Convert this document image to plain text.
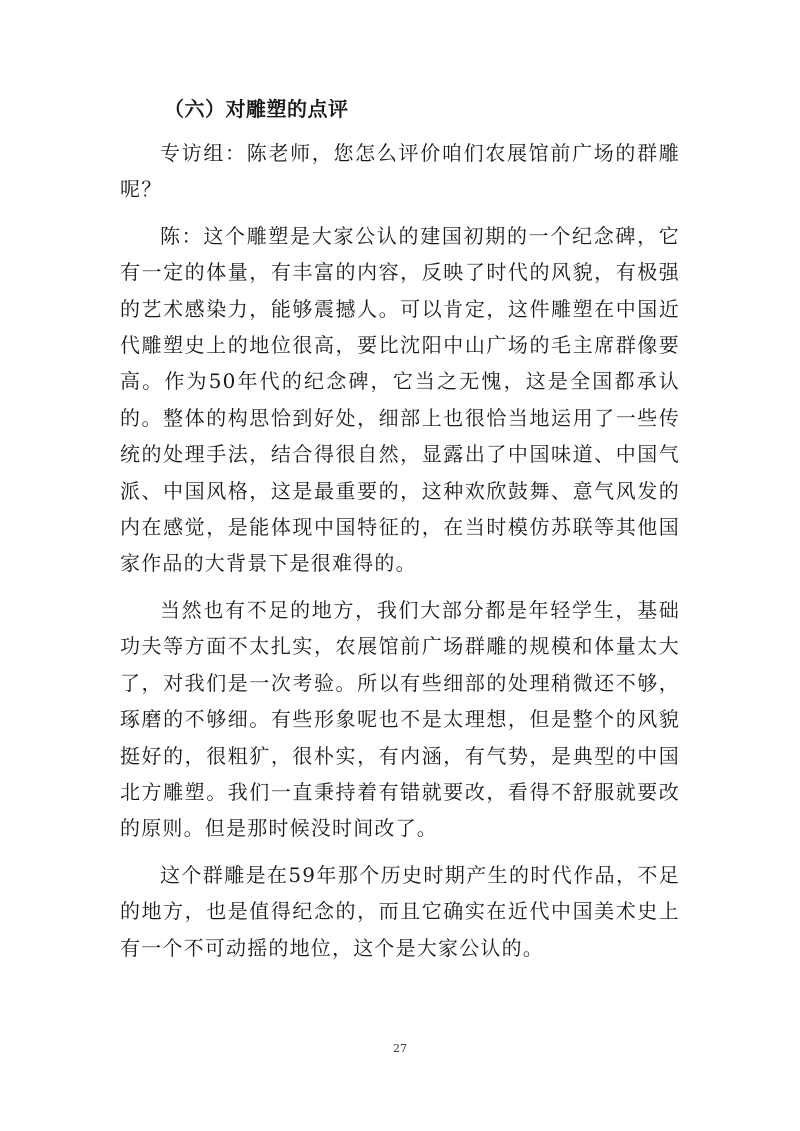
（六）对雕塑的点评

专访组：陈老师，您怎么评价咱们农展馆前广场的群雕呢？

陈：这个雕塑是大家公认的建国初期的一个纪念碑，它有一定的体量，有丰富的内容，反映了时代的风貌，有极强的艺术感染力，能够震撼人。可以肯定，这件雕塑在中国近代雕塑史上的地位很高，要比沈阳中山广场的毛主席群像要高。作为50年代的纪念碑，它当之无愧，这是全国都承认的。整体的构思恰到好处，细部上也很恰当地运用了一些传统的处理手法，结合得很自然，显露出了中国味道、中国气派、中国风格，这是最重要的，这种欢欣鼓舞、意气风发的内在感觉，是能体现中国特征的，在当时模仿苏联等其他国家作品的大背景下是很难得的。

当然也有不足的地方，我们大部分都是年轻学生，基础功夫等方面不太扎实，农展馆前广场群雕的规模和体量太大了，对我们是一次考验。所以有些细部的处理稍微还不够，琢磨的不够细。有些形象呢也不是太理想，但是整个的风貌挺好的，很粗犷，很朴实，有内涵，有气势，是典型的中国北方雕塑。我们一直秉持着有错就要改，看得不舒服就要改的原则。但是那时候没时间改了。

这个群雕是在59年那个历史时期产生的时代作品，不足的地方，也是值得纪念的，而且它确实在近代中国美术史上有一个不可动摇的地位，这个是大家公认的。

27
